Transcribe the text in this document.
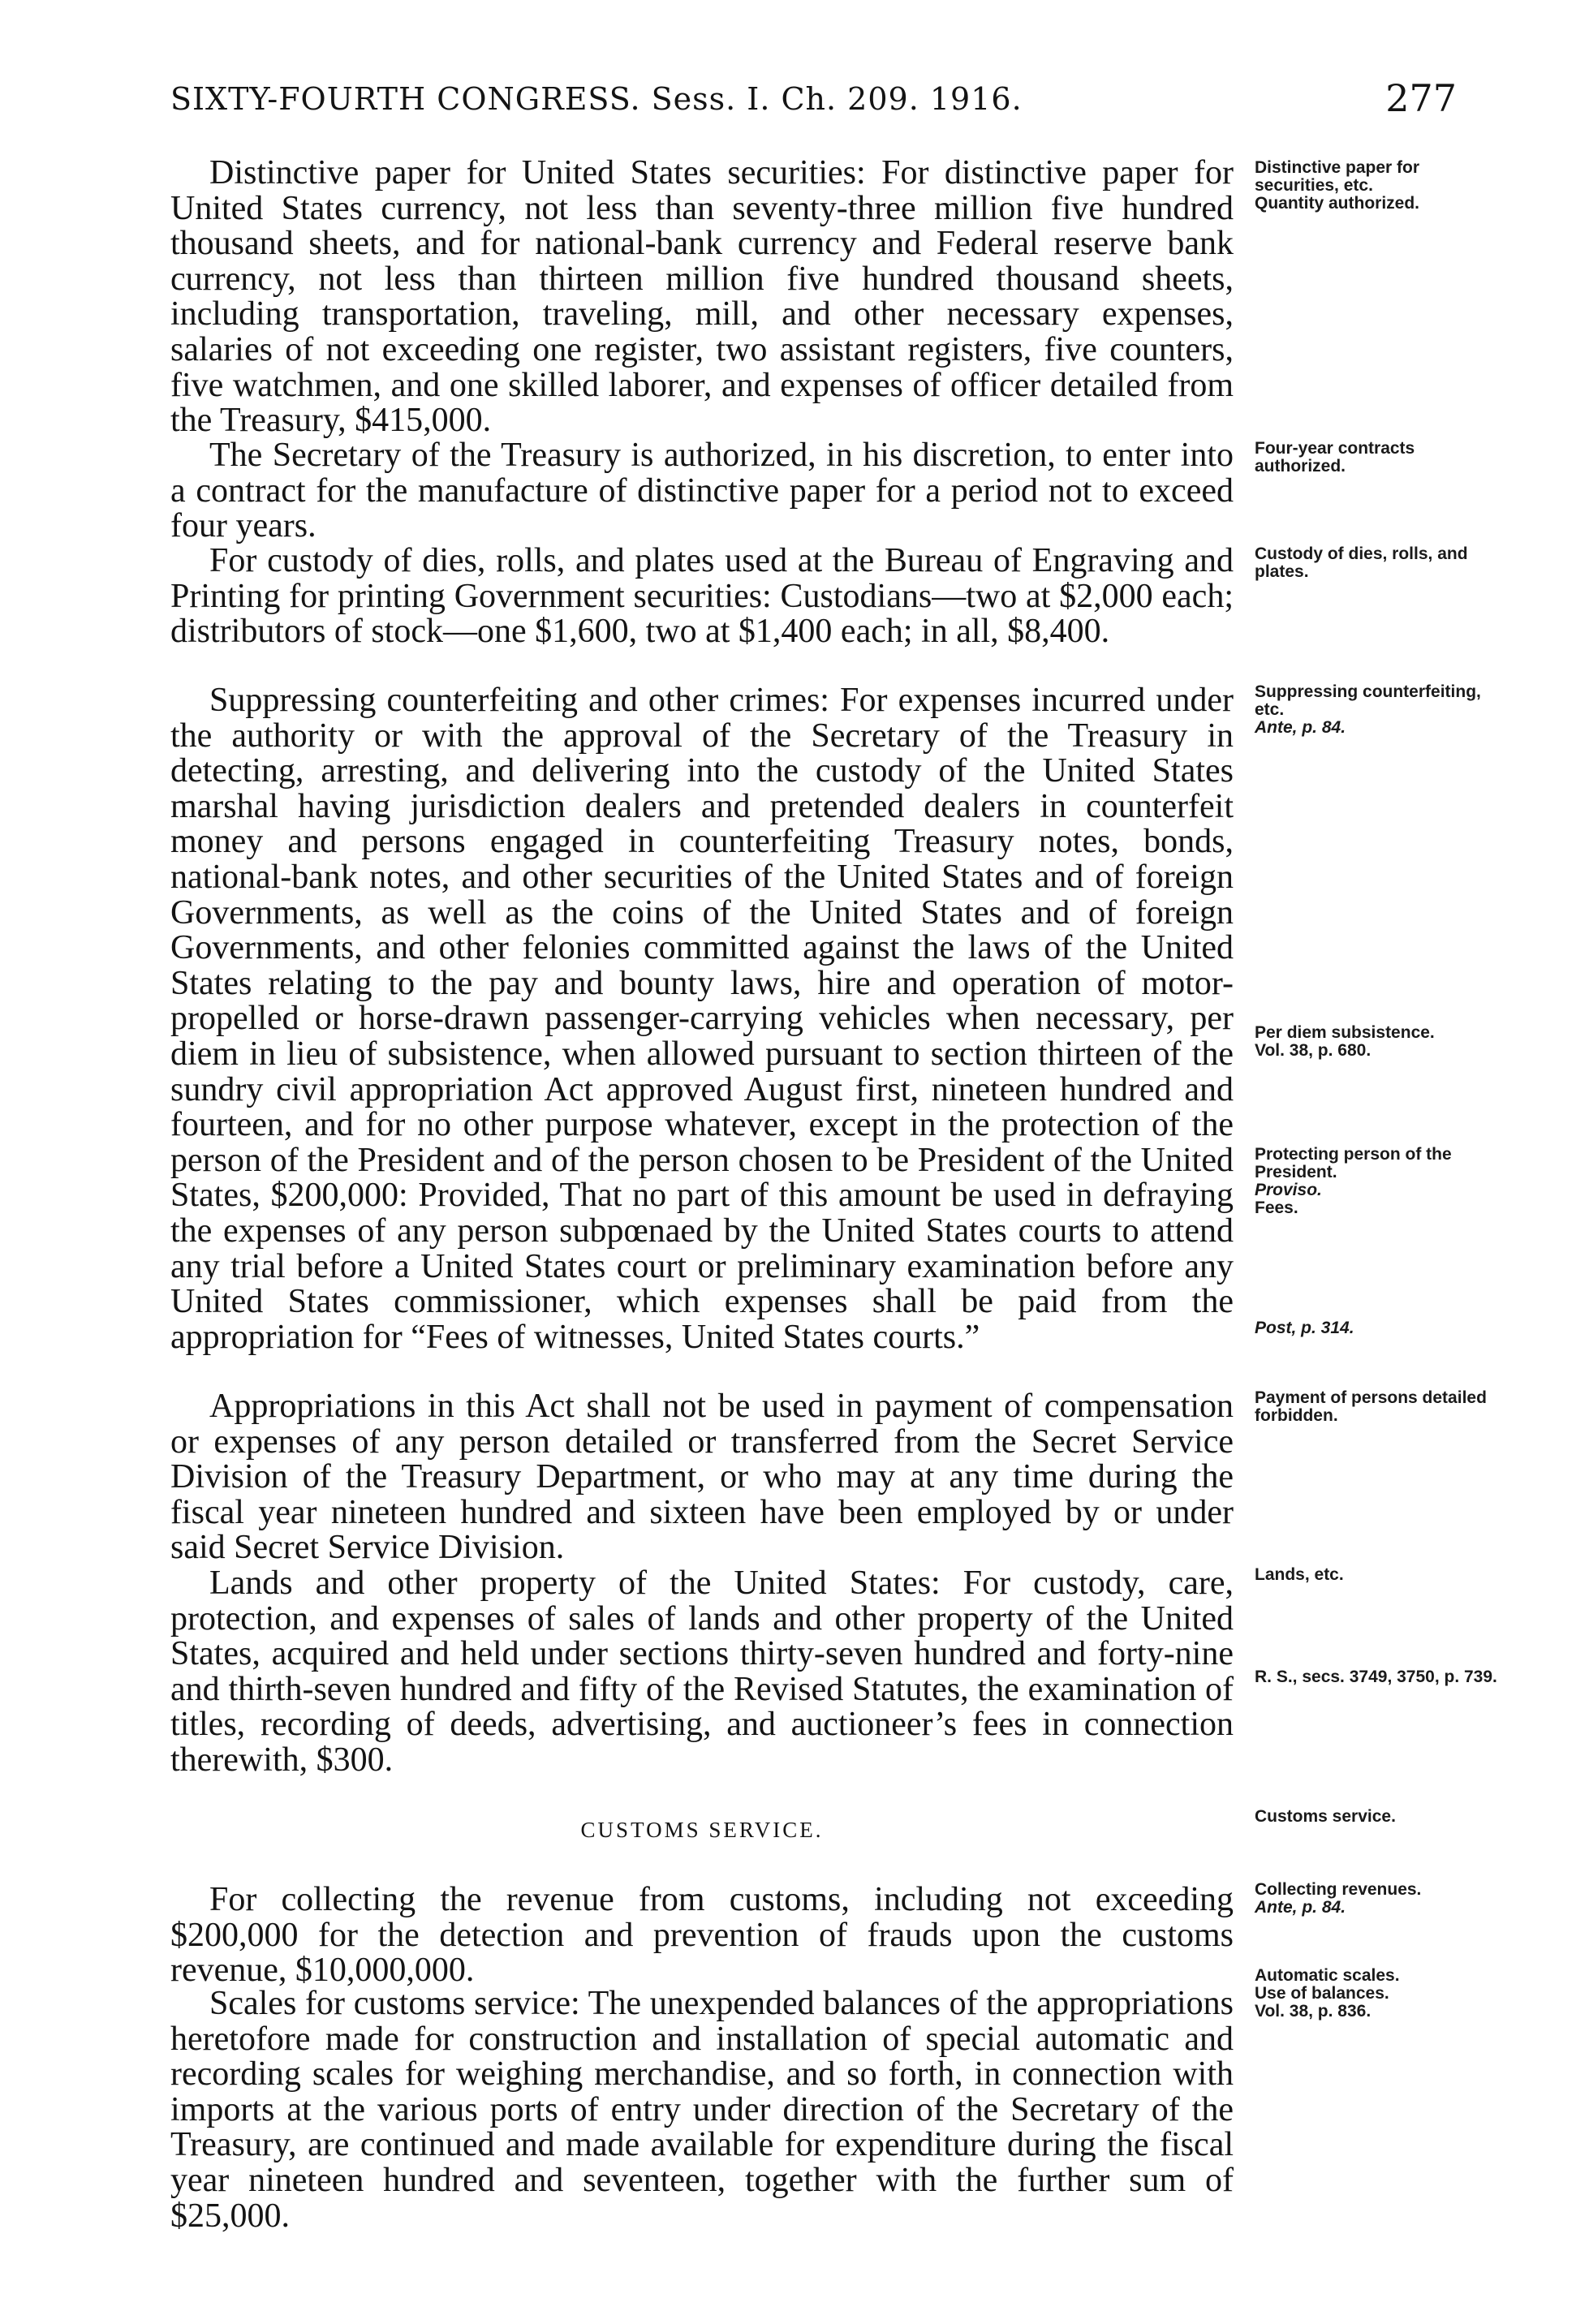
SIXTY-FOURTH CONGRESS. Sess. I. Ch. 209. 1916.	277

Distinctive paper for United States securities: For distinctive paper for United States currency, not less than seventy-three million five hundred thousand sheets, and for national-bank currency and Federal reserve bank currency, not less than thirteen million five hundred thousand sheets, including transportation, traveling, mill, and other necessary expenses, salaries of not exceeding one register, two assistant registers, five counters, five watchmen, and one skilled laborer, and expenses of officer detailed from the Treasury, $415,000.

The Secretary of the Treasury is authorized, in his discretion, to enter into a contract for the manufacture of distinctive paper for a period not to exceed four years.

For custody of dies, rolls, and plates used at the Bureau of Engraving and Printing for printing Government securities: Custodians—two at $2,000 each; distributors of stock—one $1,600, two at $1,400 each; in all, $8,400.

Suppressing counterfeiting and other crimes: For expenses incurred under the authority or with the approval of the Secretary of the Treasury in detecting, arresting, and delivering into the custody of the United States marshal having jurisdiction dealers and pretended dealers in counterfeit money and persons engaged in counterfeiting Treasury notes, bonds, national-bank notes, and other securities of the United States and of foreign Governments, as well as the coins of the United States and of foreign Governments, and other felonies committed against the laws of the United States relating to the pay and bounty laws, hire and operation of motor-propelled or horse-drawn passenger-carrying vehicles when necessary, per diem in lieu of subsistence, when allowed pursuant to section thirteen of the sundry civil appropriation Act approved August first, nineteen hundred and fourteen, and for no other purpose whatever, except in the protection of the person of the President and of the person chosen to be President of the United States, $200,000: Provided, That no part of this amount be used in defraying the expenses of any person subpœnaed by the United States courts to attend any trial before a United States court or preliminary examination before any United States commissioner, which expenses shall be paid from the appropriation for “Fees of witnesses, United States courts.”

Appropriations in this Act shall not be used in payment of compensation or expenses of any person detailed or transferred from the Secret Service Division of the Treasury Department, or who may at any time during the fiscal year nineteen hundred and sixteen have been employed by or under said Secret Service Division.

Lands and other property of the United States: For custody, care, protection, and expenses of sales of lands and other property of the United States, acquired and held under sections thirty-seven hundred and forty-nine and thirth-seven hundred and fifty of the Revised Statutes, the examination of titles, recording of deeds, advertising, and auctioneer’s fees in connection therewith, $300.

CUSTOMS SERVICE.

For collecting the revenue from customs, including not exceeding $200,000 for the detection and prevention of frauds upon the customs revenue, $10,000,000.

Scales for customs service: The unexpended balances of the appropriations heretofore made for construction and installation of special automatic and recording scales for weighing merchandise, and so forth, in connection with imports at the various ports of entry under direction of the Secretary of the Treasury, are continued and made available for expenditure during the fiscal year nineteen hundred and seventeen, together with the further sum of $25,000.

Distinctive paper for securities, etc.
Quantity authorized.
Four-year contracts authorized.
Custody of dies, rolls, and plates.
Suppressing counterfeiting, etc.
Ante, p. 84.
Per diem subsistence.
Vol. 38, p. 680.
Protecting person of the President.
Proviso.
Fees.
Post, p. 314.
Payment of persons detailed forbidden.
Lands, etc.
R. S., secs. 3749, 3750, p. 739.
Customs service.
Collecting revenues.
Ante, p. 84.
Automatic scales.
Use of balances.
Vol. 38, p. 836.
